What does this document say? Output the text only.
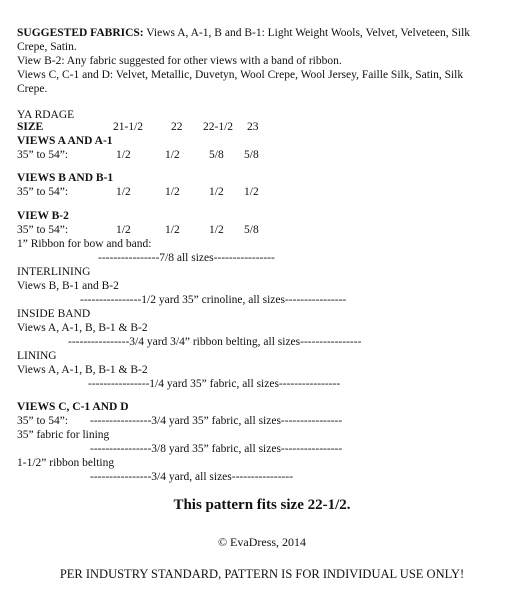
SUGGESTED FABRICS: Views A, A-1, B and B-1: Light Weight Wools, Velvet, Velveteen, Silk
Crepe, Satin.
View B-2: Any fabric suggested for other views with a band of ribbon.
Views C, C-1 and D: Velvet, Metallic, Duvetyn, Wool Crepe, Wool Jersey, Faille Silk, Satin, Silk
Crepe.
YA RDAGE
SIZE	21-1/2 22 22-1/2 23
VIEWS A AND A-1
35” to 54”:	1/2	1/2	5/8 5/8
VIEWS B AND B-1
35” to 54”:	1/2	1/2	1/2 1/2
VIEW B-2
35” to 54”:	1/2	1/2	1/2 5/8
1” Ribbon for bow and band:
----------------7/8 all sizes----------------
INTERLINING
Views B, B-1 and B-2
----------------1/2 yard 35” crinoline, all sizes----------------
INSIDE BAND
Views A, A-1, B, B-1 & B-2
----------------3/4 yard 3/4” ribbon belting, all sizes----------------
LINING
Views A, A-1, B, B-1 & B-2
----------------1/4 yard 35” fabric, all sizes----------------
VIEWS C, C-1 AND D
35” to 54”: ----------------3/4 yard 35” fabric, all sizes----------------
35” fabric for lining
----------------3/8 yard 35” fabric, all sizes----------------
1-1/2” ribbon belting
----------------3/4 yard, all sizes----------------
This pattern fits size 22-1/2.
© EvaDress, 2014
PER INDUSTRY STANDARD, PATTERN IS FOR INDIVIDUAL USE ONLY!
